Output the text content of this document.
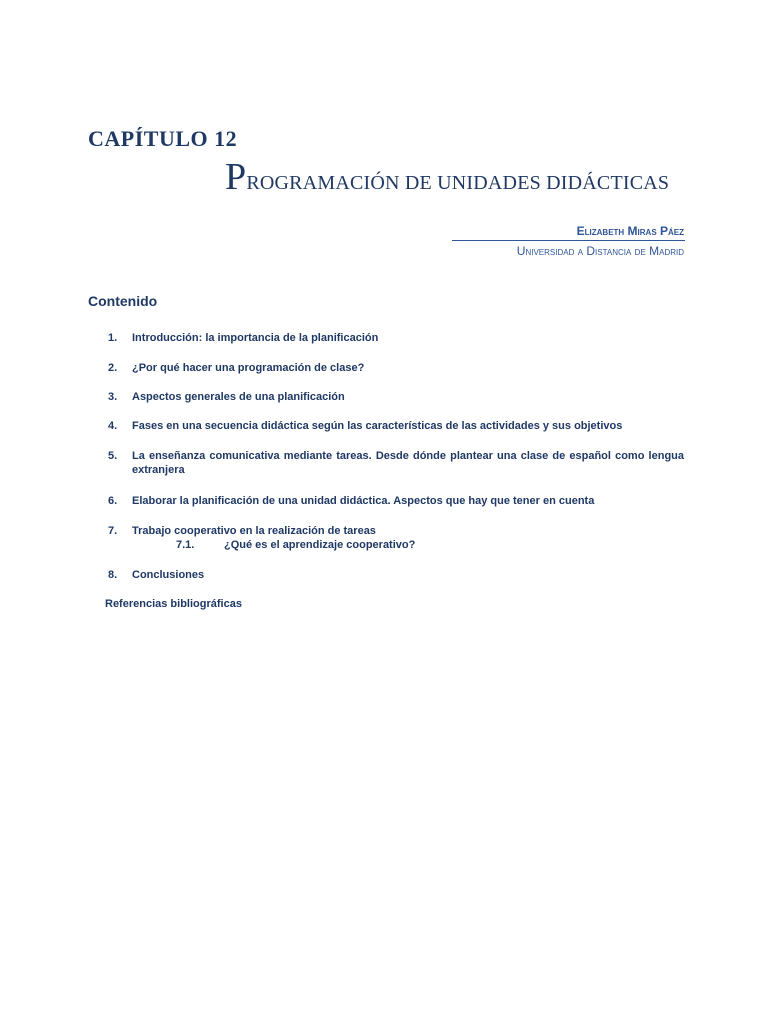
CAPÍTULO 12
PROGRAMACIÓN DE UNIDADES DIDÁCTICAS
Elizabeth Miras Páez
Universidad a Distancia de Madrid
Contenido
1. Introducción: la importancia de la planificación
2. ¿Por qué hacer una programación de clase?
3. Aspectos generales de una planificación
4. Fases en una secuencia didáctica según las características de las actividades y sus objetivos
5. La enseñanza comunicativa mediante tareas. Desde dónde plantear una clase de español como lengua extranjera
6. Elaborar la planificación de una unidad didáctica. Aspectos que hay que tener en cuenta
7. Trabajo cooperativo en la realización de tareas
7.1.	¿Qué es el aprendizaje cooperativo?
8. Conclusiones
Referencias bibliográficas
